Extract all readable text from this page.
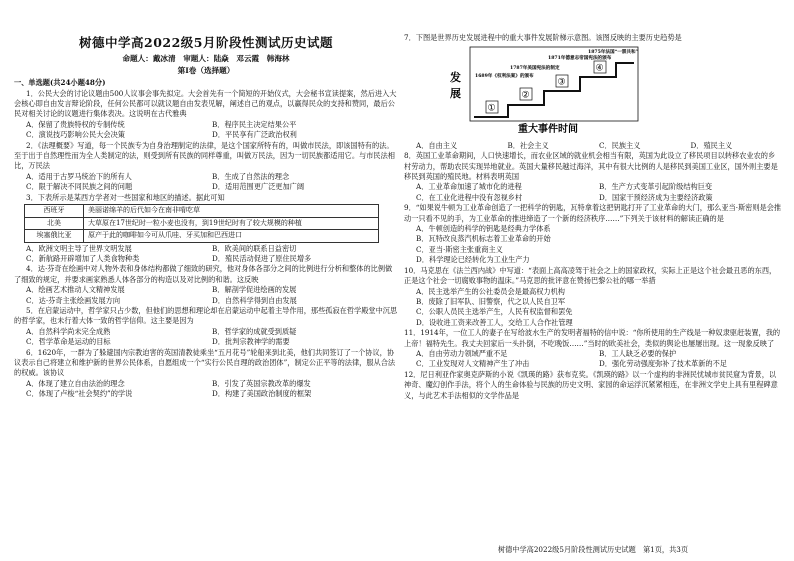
树德中学高2022级5月阶段性测试历史试题
命题人：戴冰清　审题人：陆焱　邓云霞　韩海林
第Ⅰ卷（选择题）
一、单选题(共24小题48分)

1．公民大会的讨论议题由500人议事会事先拟定。大会首先有一个简短的开始仪式，大会秘书宣读提案，然后进入大会核心即自由发言辩论阶段，任何公民都可以就议题自由发表见解，阐述自己的观点，以赢得民众的支持和赞同，最后公民对相关讨论的议题进行集体表决。这说明在古代雅典

A．保留了贵族特权的专制传统	B．程序民主决定结果公平
C．演说技巧影响公民大会决策	D．平民享有广泛政治权利

2．《法理概要》写道，每一个民族专为自身治理制定的法律，是这个国家所特有的，叫做市民法，即该国特有的法。至于出于自然理性而为全人类制定的法，则受到所有民族的同样尊重，叫做万民法，因为一切民族都适用它。与市民法相比，万民法

A．适用于古罗马统治下的所有人	B．生成了自然法的理念
C．限于解决不同民族之间的问题	D．适用范围更广泛更加广阔

3．下表所示是某西方学者对一些国家和地区的描述。据此可知

西班牙	美丽诺绵羊的后代如今在南非啃吃草
北美	大草原在17世纪时一粒小麦也没有，到19世纪时有了较大规模的种植
埃塞俄比亚	原产于此的咖啡如今可从爪哇、牙买加和巴西进口
A．欧洲文明主导了世界文明发展	B．欧美间的联系日益密切
C．新航路开辟增加了人类食物种类	D．殖民活动促进了原住民增多

4．达·芬奇在绘画中对人物外表和身体结构都做了细致的研究，他对身体各部分之间的比例进行分析和整体的比例做了细致的规定，并要求画家熟悉人体各部分的构造以及对比例的和谐。这反映

A．绘画艺术推动人文精神发展	B．解剖学促进绘画的发展
C．达·芬奇主张绘画发展方向	D．自然科学得到自由发展

5．在启蒙运动中，哲学家只占少数，但他们的思想和理论却在启蒙运动中起着主导作用，那些孤寂在哲学殿堂中沉思的哲学家，也未行着大体一致的哲学信仰。这主要是因为

A．自然科学尚未完全成熟	B．哲学家的成就受到质疑
C．哲学革命是运动的目标	D．批判宗教神学的需要

6．1620年，一群为了躲避国内宗教迫害的英国清教徒乘坐“五月花号”轮船来到北美，他们共同签订了一个协议，协议表示自己将建立和维护新的世界公民体系，自愿组成一个“实行公民自理的政治团体”，制定公正平等的法律，服从合法的权威。该协议

A．体现了建立自由法治的理念	B．引发了英国宗教改革的爆发
C．体现了卢梭“社会契约”的学说	D．构建了美国政治制度的框架

7．下图是世界历史发展进程中的重大事件发展阶梯示意图。该图反映的主要历史趋势是

发
展
①
1689年《权利法案》的颁布
②
1787年美国宪法的制定
③
1871年德意志帝国宪法的颁布
④
1875年法国“一票共和”
重大事件时间
A．自由主义	B．社会主义	C．民族主义	D．殖民主义

8．英国工业革命期间，人口快速增长，而农业区域的就业机会相当有限，英国为此设立了移民项目以转移农业农的乡村劳动力，帮助农民实现异地就业。英国大量移民越过海洋，其中有很大比例的人是移民到美国工业区，国外则主要是移民到英国的殖民地。材料表明英国

A．工业革命加速了城市化的进程	B．生产方式变革引起阶级结构巨变
C．在工业化进程中没有忽视乡村	D．国家干预经济成为主要经济政策

9．“如果说牛顿为工业革命创造了一把科学的钥匙，瓦特拿着这把钥匙打开了工业革命的大门，那么亚当·斯密则是会推动一只看不见的手，为工业革命的推进缔造了一个新的经济秩序……”下列关于该材料的解读正确的是

A．牛顿创造的科学的钥匙是经典力学体系
B．瓦特改良蒸汽机标志着工业革命的开始
C．亚当·斯密主张重商主义
D．科学理论已经转化为工业生产力

10．马克思在《法兰西内战》中写道：“表面上高高凌驾于社会之上的国家政权，实际上正是这个社会最丑恶的东西，正是这个社会一切腐败事物的温床。”马克思的批评意在赞扬巴黎公社的哪一举措

A．民主选举产生的公社委员会是最高权力机构
B．废除了旧军队、旧警察，代之以人民自卫军
C．公职人员民主选举产生，人民有权监督和罢免
D．设收进工资来改善工人，交给工人合作社管理

11．1914年，一位工人的妻子在写给波水生产的发明者福特的信中说：“你所使用的生产线是一种奴隶驱赶装置，我的上帝！福特先生。我丈夫回家后一头扑倒，不吃晚饭……”当时的欧美社会，类似的舆论也屡屡出现。这一现象反映了

A．自由劳动力领域严重不足	B．工人缺乏必要的保护
C．工业发现对人文精神产生了冲击	D．强化劳动强度弥补了技术革新的不足

12．尼日利亚作家奥克萨斯的小说《凯瑛的路》获布克奖。《凯瑛的路》以一个虚构的非洲民忧城市贫民窟为背景，以神奇、魔幻创作手法，将个人的生命体验与民族的历史文明、家园的命运浮沉紧紧相连，在非洲文学史上具有里程碑意义，与此艺术手法相似的文学作品是

树德中学高2022级5月阶段性测试历史试题　第1页，共3页
